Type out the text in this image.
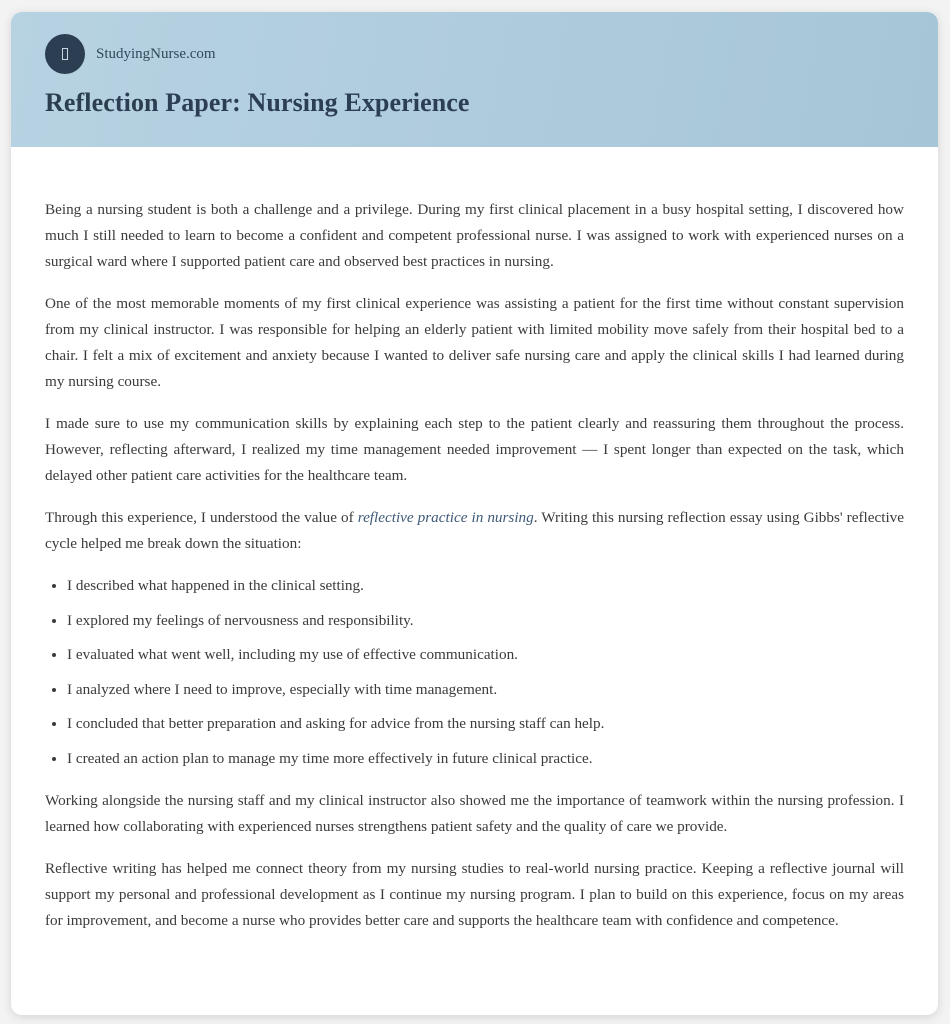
StudyingNurse.com
Reflection Paper: Nursing Experience

Being a nursing student is both a challenge and a privilege. During my first clinical placement in a busy hospital setting, I discovered how much I still needed to learn to become a confident and competent professional nurse. I was assigned to work with experienced nurses on a surgical ward where I supported patient care and observed best practices in nursing.

One of the most memorable moments of my first clinical experience was assisting a patient for the first time without constant supervision from my clinical instructor. I was responsible for helping an elderly patient with limited mobility move safely from their hospital bed to a chair. I felt a mix of excitement and anxiety because I wanted to deliver safe nursing care and apply the clinical skills I had learned during my nursing course.

I made sure to use my communication skills by explaining each step to the patient clearly and reassuring them throughout the process. However, reflecting afterward, I realized my time management needed improvement — I spent longer than expected on the task, which delayed other patient care activities for the healthcare team.

Through this experience, I understood the value of reflective practice in nursing. Writing this nursing reflection essay using Gibbs' reflective cycle helped me break down the situation:

• I described what happened in the clinical setting.
• I explored my feelings of nervousness and responsibility.
• I evaluated what went well, including my use of effective communication.
• I analyzed where I need to improve, especially with time management.
• I concluded that better preparation and asking for advice from the nursing staff can help.
• I created an action plan to manage my time more effectively in future clinical practice.

Working alongside the nursing staff and my clinical instructor also showed me the importance of teamwork within the nursing profession. I learned how collaborating with experienced nurses strengthens patient safety and the quality of care we provide.

Reflective writing has helped me connect theory from my nursing studies to real-world nursing practice. Keeping a reflective journal will support my personal and professional development as I continue my nursing program. I plan to build on this experience, focus on my areas for improvement, and become a nurse who provides better care and supports the healthcare team with confidence and competence.
